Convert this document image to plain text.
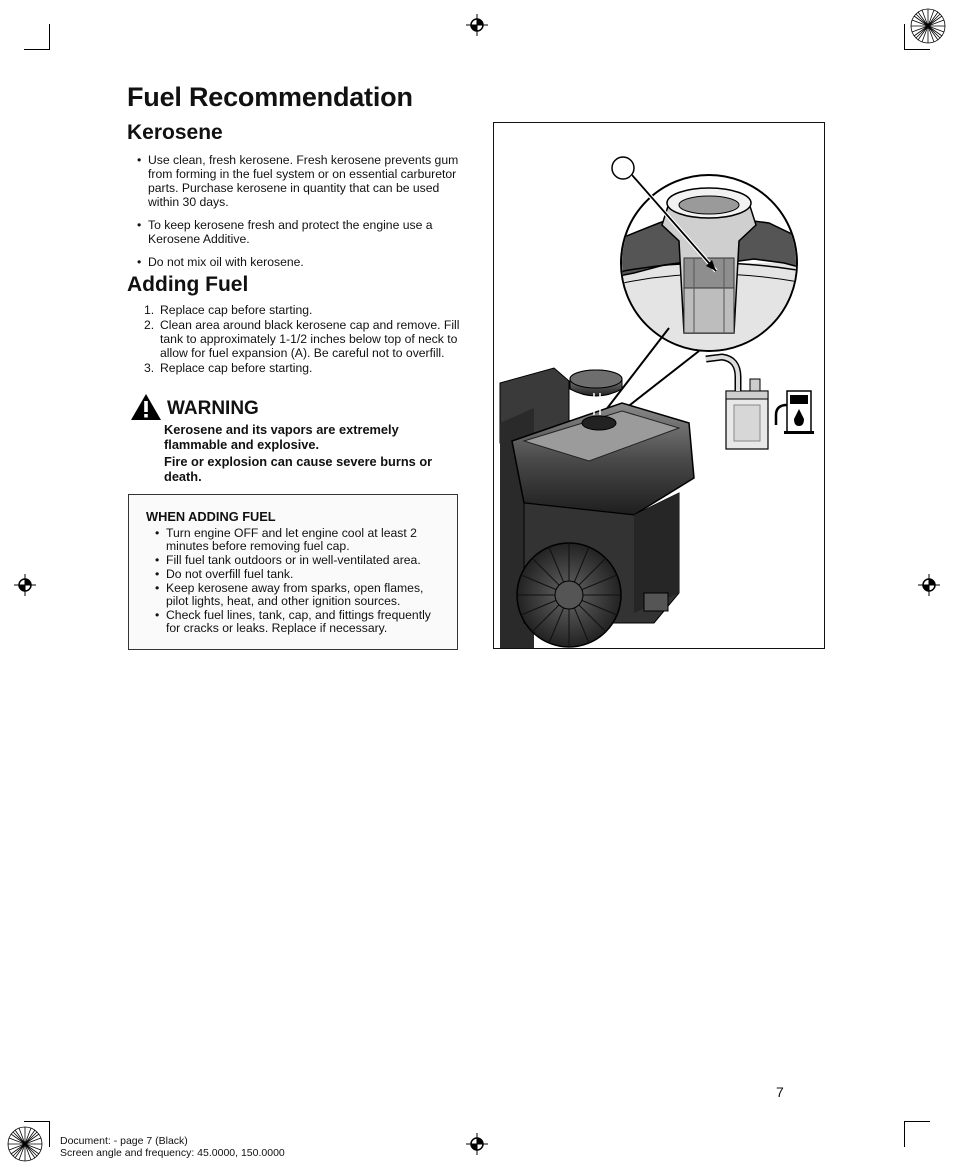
Fuel Recommendation
Kerosene
• Use clean, fresh kerosene. Fresh kerosene prevents gum from forming in the fuel system or on essential carburetor parts. Purchase kerosene in quantity that can be used within 30 days.
• To keep kerosene fresh and protect the engine use a Kerosene Additive.
• Do not mix oil with kerosene.
Adding Fuel
1. Replace cap before starting.
2. Clean area around black kerosene cap and remove. Fill tank to approximately 1-1/2 inches below top of neck to allow for fuel expansion (A). Be careful not to overfill.
3. Replace cap before starting.
WARNING
Kerosene and its vapors are extremely flammable and explosive.
Fire or explosion can cause severe burns or death.
WHEN ADDING FUEL
• Turn engine OFF and let engine cool at least 2 minutes before removing fuel cap.
• Fill fuel tank outdoors or in well-ventilated area.
• Do not overfill fuel tank.
• Keep kerosene away from sparks, open flames, pilot lights, heat, and other ignition sources.
• Check fuel lines, tank, cap, and fittings frequently for cracks or leaks. Replace if necessary.
7
Document: - page 7 (Black)
Screen angle and frequency: 45.0000, 150.0000
